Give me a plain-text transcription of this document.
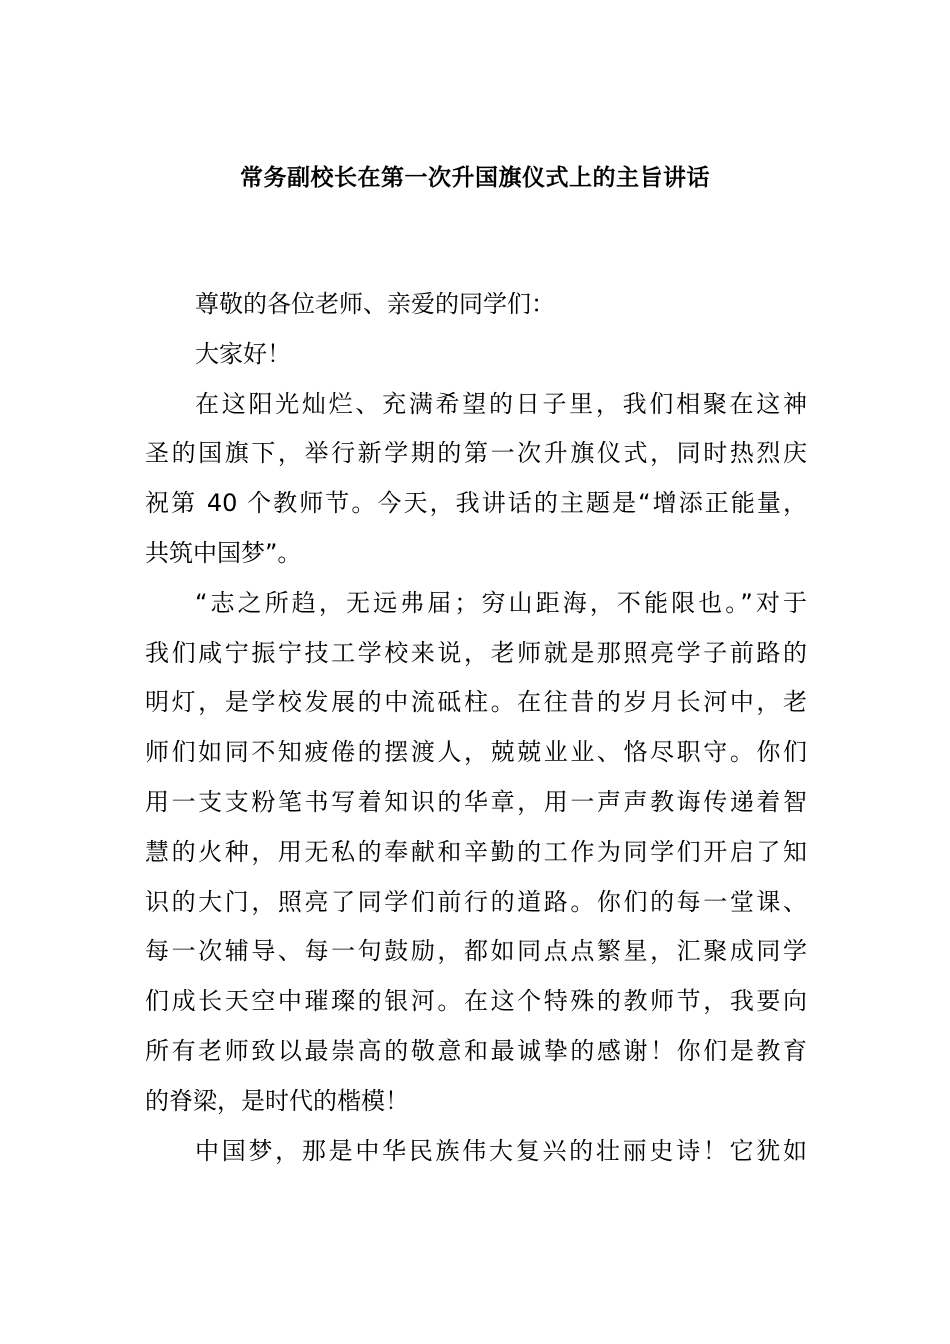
常务副校长在第一次升国旗仪式上的主旨讲话
尊敬的各位老师、亲爱的同学们：
大家好！
在这阳光灿烂、充满希望的日子里，我们相聚在这神
圣的国旗下，举行新学期的第一次升旗仪式，同时热烈庆
祝第 40 个教师节。今天，我讲话的主题是“增添正能量，
共筑中国梦”。
“志之所趋，无远弗届；穷山距海，不能限也。”对于
我们咸宁振宁技工学校来说，老师就是那照亮学子前路的
明灯，是学校发展的中流砥柱。在往昔的岁月长河中，老
师们如同不知疲倦的摆渡人，兢兢业业、恪尽职守。你们
用一支支粉笔书写着知识的华章，用一声声教诲传递着智
慧的火种，用无私的奉献和辛勤的工作为同学们开启了知
识的大门，照亮了同学们前行的道路。你们的每一堂课、
每一次辅导、每一句鼓励，都如同点点繁星，汇聚成同学
们成长天空中璀璨的银河。在这个特殊的教师节，我要向
所有老师致以最崇高的敬意和最诚挚的感谢！你们是教育
的脊梁，是时代的楷模！
中国梦，那是中华民族伟大复兴的壮丽史诗！它犹如
